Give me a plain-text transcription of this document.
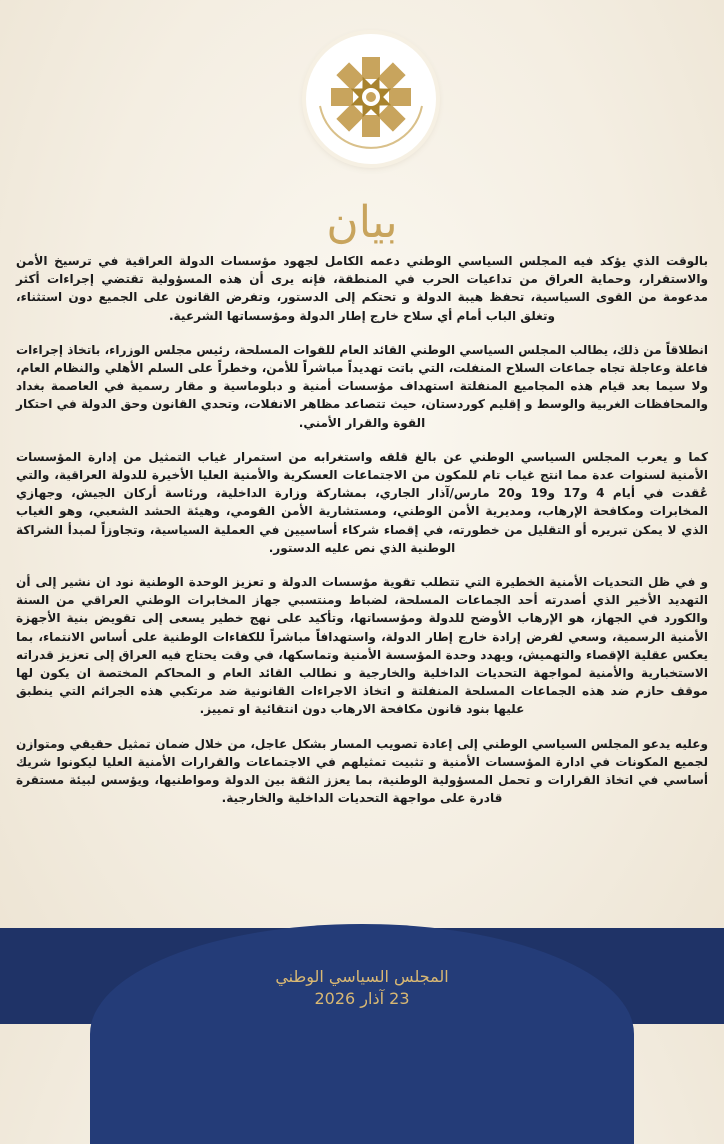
بيان

بالوقت الذي يؤكد فيه المجلس السياسي الوطني دعمه الكامل لجهود مؤسسات الدولة العراقية في ترسيخ الأمن والاستقرار، وحماية العراق من تداعيات الحرب في المنطقة، فإنه يرى أن هذه المسؤولية تقتضي إجراءات أكثر مدعومة من القوى السياسية، تحفظ هيبة الدولة و تحتكم إلى الدستور، وتفرض القانون على الجميع دون استثناء، وتغلق الباب أمام أي سلاح خارج إطار الدولة ومؤسساتها الشرعية.

انطلاقاً من ذلك، يطالب المجلس السياسي الوطني القائد العام للقوات المسلحة، رئيس مجلس الوزراء، باتخاذ إجراءات فاعلة وعاجلة تجاه جماعات السلاح المنفلت، التي باتت تهديداً مباشراً للأمن، وخطراً على السلم الأهلي والنظام العام، ولا سيما بعد قيام هذه المجاميع المنفلتة استهداف مؤسسات أمنية و دبلوماسية و مقار رسمية في العاصمة بغداد والمحافظات الغربية والوسط و إقليم كوردستان، حيث تتصاعد مظاهر الانفلات، وتحدي القانون وحق الدولة في احتكار القوة والقرار الأمني.

كما و يعرب المجلس السياسي الوطني عن بالغ قلقه واستغرابه من استمرار غياب التمثيل من إدارة المؤسسات الأمنية لسنوات عدة مما انتج غياب تام للمكون من الاجتماعات العسكرية والأمنية العليا الأخيرة للدولة العراقية، والتي عُقدت في أيام 4 و17 و19 و20 مارس/آذار الجاري، بمشاركة وزارة الداخلية، ورئاسة أركان الجيش، وجهازي المخابرات ومكافحة الإرهاب، ومديرية الأمن الوطني، ومستشارية الأمن القومي، وهيئة الحشد الشعبي، وهو الغياب الذي لا يمكن تبريره أو التقليل من خطورته، في إقصاء شركاء أساسيين في العملية السياسية، وتجاوزاً لمبدأ الشراكة الوطنية الذي نص عليه الدستور.

و في ظل التحديات الأمنية الخطيرة التي تتطلب تقوية مؤسسات الدولة و تعزيز الوحدة الوطنية نود ان نشير إلى أن التهديد الأخير الذي أصدرته أحد الجماعات المسلحة، لضباط ومنتسبي جهاز المخابرات الوطني العراقي من السنة والكورد في الجهاز، هو الإرهاب الأوضح للدولة ومؤسساتها، وتأكيد على نهج خطير يسعى إلى تقويض بنية الأجهزة الأمنية الرسمية، وسعي لفرض إرادة خارج إطار الدولة، واستهدافاً مباشراً للكفاءات الوطنية على أساس الانتماء، بما يعكس عقلية الإقصاء والتهميش، ويهدد وحدة المؤسسة الأمنية وتماسكها، في وقت يحتاج فيه العراق إلى تعزيز قدراته الاستخبارية والأمنية لمواجهة التحديات الداخلية والخارجية و نطالب القائد العام و المحاكم المختصة ان يكون لها موقف حازم ضد هذه الجماعات المسلحة المنفلتة و اتخاذ الاجراءات القانونية ضد مرتكبي هذه الجرائم التي ينطبق عليها بنود قانون مكافحة الارهاب دون انتقائية او تمييز.

وعليه يدعو المجلس السياسي الوطني إلى إعادة تصويب المسار بشكل عاجل، من خلال ضمان تمثيل حقيقي ومتوازن لجميع المكونات في ادارة المؤسسات الأمنية و تثبيت تمثيلهم في الاجتماعات والقرارات الأمنية العليا ليكونوا شريك أساسي في اتخاذ القرارات و تحمل المسؤولية الوطنية، بما يعزز الثقة بين الدولة ومواطنيها، ويؤسس لبيئة مستقرة قادرة على مواجهة التحديات الداخلية والخارجية.

المجلس السياسي الوطني
23 آذار 2026
